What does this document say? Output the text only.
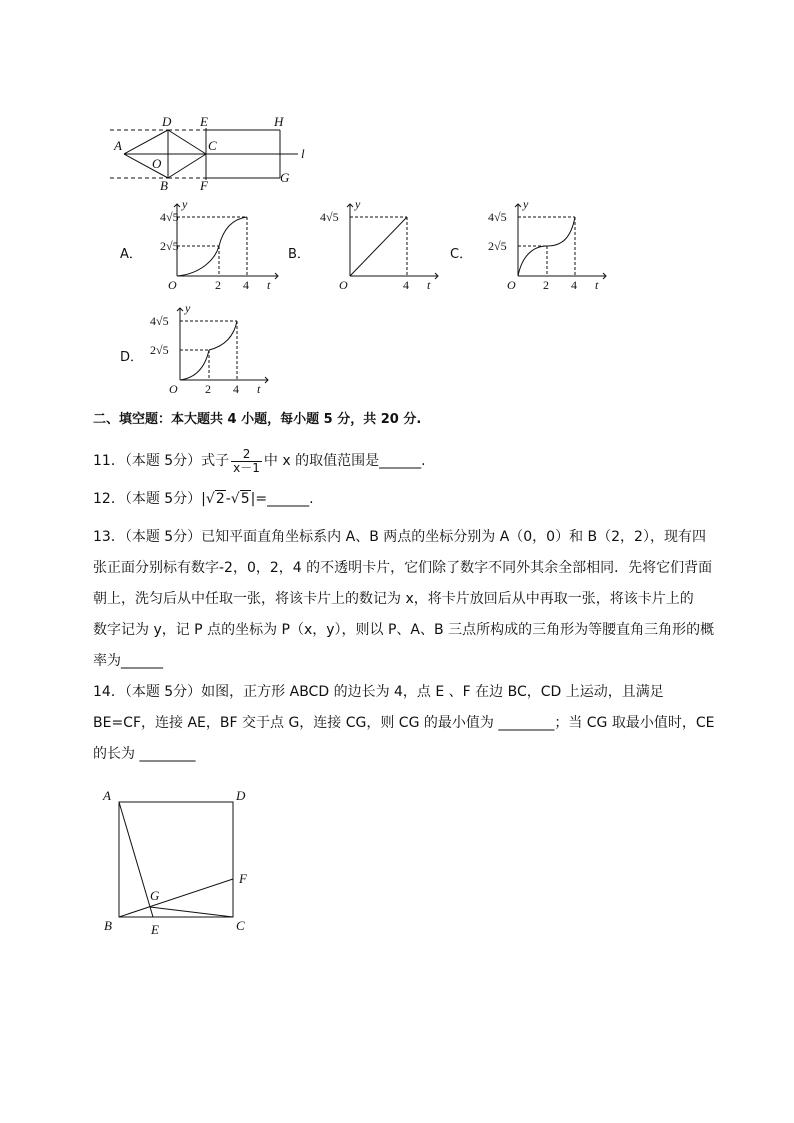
D E	H
A	C
l
O
B F
G
A．
4√5
2√5
O	2 4 t
y
B．
4√5
O	4 t
y
C．
4√5
2√5
O 2 4 t
y
D．
4√5
2√5
O 2 4 t
y
二、填空题：本大题共 4 小题，每小题 5 分，共 20 分.
11．（本题 5分）式子 $\frac{2}{x-1}$ 中 x 的取值范围是______.
12．（本题 5分）|√2-√5|=______.
13．（本题 5分）已知平面直角坐标系内 A、B 两点的坐标分别为 A（0，0）和 B（2，2），现有四
张正面分别标有数字-2，0，2，4 的不透明卡片，它们除了数字不同外其余全部相同．先将它们背面
朝上，洗匀后从中任取一张，将该卡片上的数记为 x，将卡片放回后从中再取一张，将该卡片上的
数字记为 y，记 P 点的坐标为 P（x，y），则以 P、A、B 三点所构成的三角形为等腰直角三角形的概
率为______
14．（本题 5分）如图，正方形 ABCD 的边长为 4，点 E 、F 在边 BC，CD 上运动，且满足
BE=CF，连接 AE，BF 交于点 G，连接 CG，则 CG 的最小值为 ________；当 CG 取最小值时，CE
的长为 ________
A	D
F
G
B	E	C
